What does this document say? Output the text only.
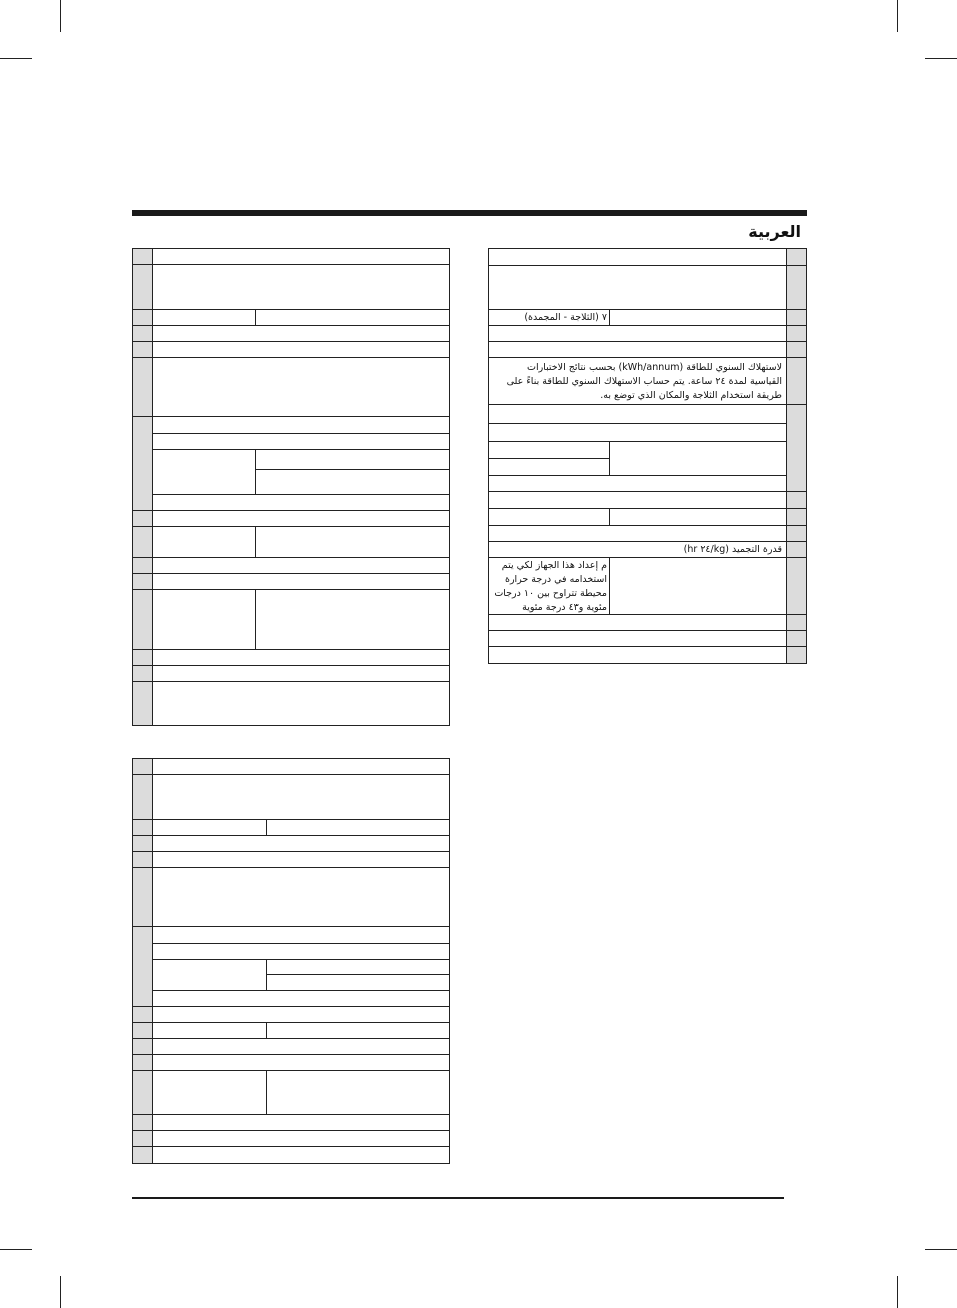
العربية
٧ (الثلاجة - المجمدة)
لاستهلاك السنوي للطاقة (kWh/annum) بحسب نتائج الاختبارات القياسية لمدة ٢٤ ساعة. يتم حساب الاستهلاك السنوي للطاقة بناءً على طريقة استخدام الثلاجة والمكان الذي توضع به.
قدرة التجميد (kg/٢٤ hr)
م إعداد هذا الجهاز لكي يتم استخدامه في درجة حرارة محيطة تتراوح بين ١٠ درجات مئوية و٤٣ درجة مئوية
